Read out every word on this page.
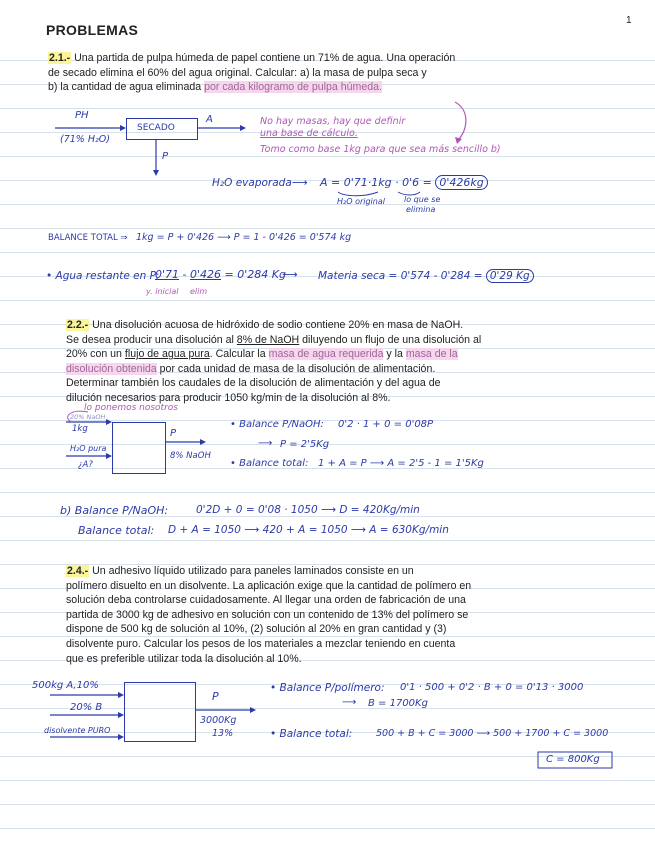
PROBLEMAS
1
2.1.- Una partida de pulpa húmeda de papel contiene un 71% de agua. Una operación
de secado elimina el 60% del agua original. Calcular: a) la masa de pulpa seca y
b) la cantidad de agua eliminada por cada kilogramo de pulpa húmeda.
PH
(71% H₂O)
SECADO
A
P
No hay masas, hay que definir
una base de cálculo.
Tomo como base 1kg para que sea más sencillo b)
H₂O evaporada ⟶ A = 0'71·1kg · 0'6 = 0'426kg
H₂O original lo que se
elimina
BALANCE TOTAL ⇒ 1kg = P + 0'426 ⟶ P = 1 - 0'426 = 0'574 kg
• Agua restante en P:
0'71 - 0'426 = 0'284 Kg
y. inicial elim
⟶ Materia seca = 0'574 - 0'284 = 0'29 Kg
2.2.- Una disolución acuosa de hidróxido de sodio contiene 20% en masa de NaOH.
Se desea producir una disolución al 8% de NaOH diluyendo un flujo de una disolución al
20% con un flujo de agua pura. Calcular la masa de agua requerida y la masa de la
disolución obtenida por cada unidad de masa de la disolución de alimentación.
Determinar también los caudales de la disolución de alimentación y del agua de
dilución necesarios para producir 1050 kg/min de la disolución al 8%.
lo ponemos nosotros
20% NaOH
1kg
H₂O pura
¿A?
P
8% NaOH
• Balance P/NaOH: 0'2 · 1 + 0 = 0'08P
⟶ P = 2'5Kg
• Balance total: 1 + A = P ⟶ A = 2'5 - 1 = 1'5Kg
b) Balance P/NaOH:	0'2D + 0 = 0'08 · 1050 ⟶ D = 420Kg/min
Balance total: D + A = 1050 ⟶ 420 + A = 1050 ⟶ A = 630Kg/min
2.4.- Un adhesivo líquido utilizado para paneles laminados consiste en un
polímero disuelto en un disolvente. La aplicación exige que la cantidad de polímero en
solución deba controlarse cuidadosamente. Al llegar una orden de fabricación de una
partida de 3000 kg de adhesivo en solución con un contenido de 13% del polímero se
dispone de 500 kg de solución al 10%, (2) solución al 20% en gran cantidad y (3)
disolvente puro. Calcular los pesos de los materiales a mezclar teniendo en cuenta
que es preferible utilizar toda la disolución al 10%.
500kg A,10%
20% B
disolvente PURO
P
3000Kg
13%
• Balance P/polímero: 0'1 · 500 + 0'2 · B + 0 = 0'13 · 3000
⟶ B = 1700Kg
• Balance total: 500 + B + C = 3000 ⟶ 500 + 1700 + C = 3000
C = 800Kg
